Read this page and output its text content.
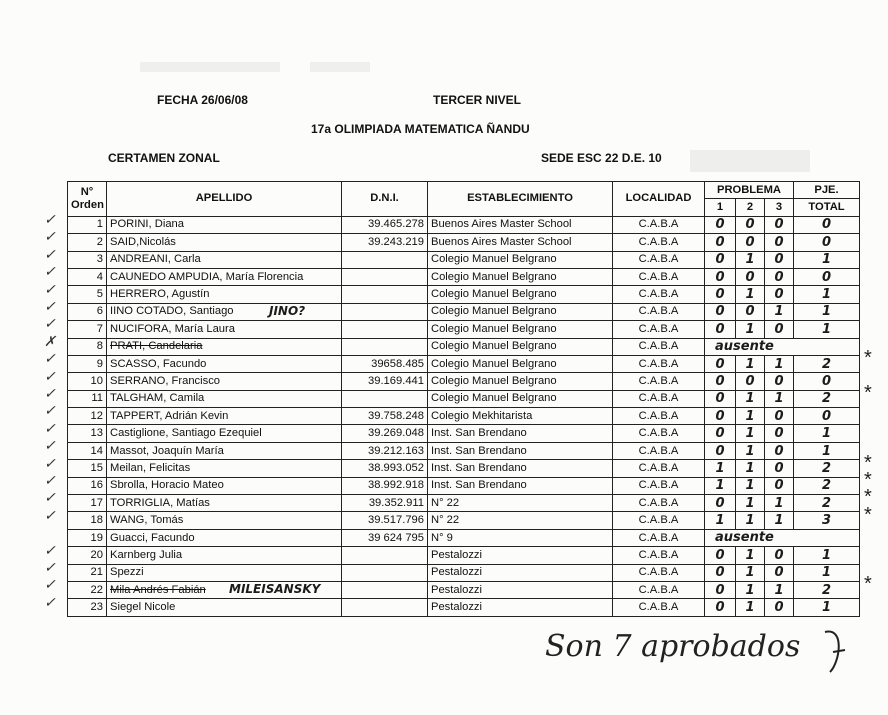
FECHA 26/06/08	TERCER NIVEL
17a OLIMPIADA MATEMATICA ÑANDU
CERTAMEN ZONAL	SEDE ESC 22 D.E. 10
N°
Orden	APELLIDO	D.N.I.	ESTABLECIMIENTO	LOCALIDAD	PROBLEMA			PJE.
					1	2	3	TOTAL
1	PORINI, Diana	39.465.278	Buenos Aires Master School	C.A.B.A	0	0	0	0
2	SAID,Nicolás	39.243.219	Buenos Aires Master School	C.A.B.A	0	0	0	0
3	ANDREANI, Carla		Colegio Manuel Belgrano	C.A.B.A	0	1	0	1
4	CAUNEDO AMPUDIA, María Florencia		Colegio Manuel Belgrano	C.A.B.A	0	0	0	0
5	HERRERO, Agustín		Colegio Manuel Belgrano	C.A.B.A	0	1	0	1
6	IINO COTADO, Santiago JINO?		Colegio Manuel Belgrano	C.A.B.A	0	0	1	1
7	NUCIFORA, María Laura		Colegio Manuel Belgrano	C.A.B.A	0	1	0	1
8	PRATI, Candelaria		Colegio Manuel Belgrano	C.A.B.A	ausente			

9	SCASSO, Facundo	39658.485	Colegio Manuel Belgrano	C.A.B.A	0	1	1	2
10	SERRANO, Francisco	39.169.441	Colegio Manuel Belgrano	C.A.B.A	0	0	0	0
11	TALGHAM, Camila		Colegio Manuel Belgrano	C.A.B.A	0	1	1	2
12	TAPPERT, Adrián Kevin	39.758.248	Colegio Mekhitarista	C.A.B.A	0	1	0	0
13	Castiglione, Santiago Ezequiel	39.269.048	Inst. San Brendano	C.A.B.A	0	1	0	1
14	Massot, Joaquín María	39.212.163	Inst. San Brendano	C.A.B.A	0	1	0	1
15	Meilan, Felicitas	38.993.052	Inst. San Brendano	C.A.B.A	1	1	0	2
16	Sbrolla, Horacio Mateo	38.992.918	Inst. San Brendano	C.A.B.A	1	1	0	2
17	TORRIGLIA, Matías	39.352.911	N° 22	C.A.B.A	0	1	1	2
18	WANG, Tomás	39.517.796	N° 22	C.A.B.A	1	1	1	3
19	Guacci, Facundo	39 624 795	N° 9	C.A.B.A	ausente			

20	Karnberg Julia		Pestalozzi	C.A.B.A	0	1	0	1
21	Spezzi		Pestalozzi	C.A.B.A	0	1	0	1
22	Mila Andrés Fabián MILEISANSKY		Pestalozzi	C.A.B.A	0	1	1	2
23	Siegel Nicole		Pestalozzi	C.A.B.A	0	1	0	1
✓
✓
✓
✓
✓
✓
✓
✗
✓
✓
✓
✓
✓
✓
✓
✓
✓
✓
✓
✓
✓
✓
*
*
*
*
*
*
*
Son 7 aprobados
